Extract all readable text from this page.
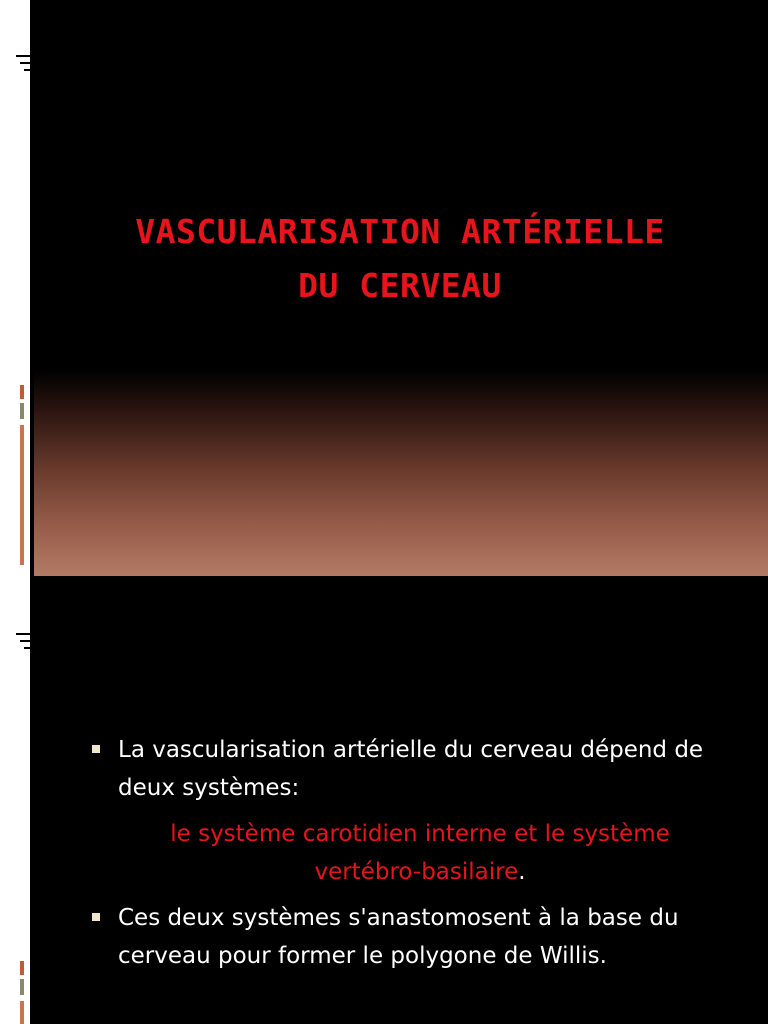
VASCULARISATION ARTÉRIELLE
DU CERVEAU

La vascularisation artérielle du cerveau dépend de deux systèmes:

le système carotidien interne et le système
vertébro-basilaire.

Ces deux systèmes s'anastomosent à la base du cerveau pour former le polygone de Willis.
